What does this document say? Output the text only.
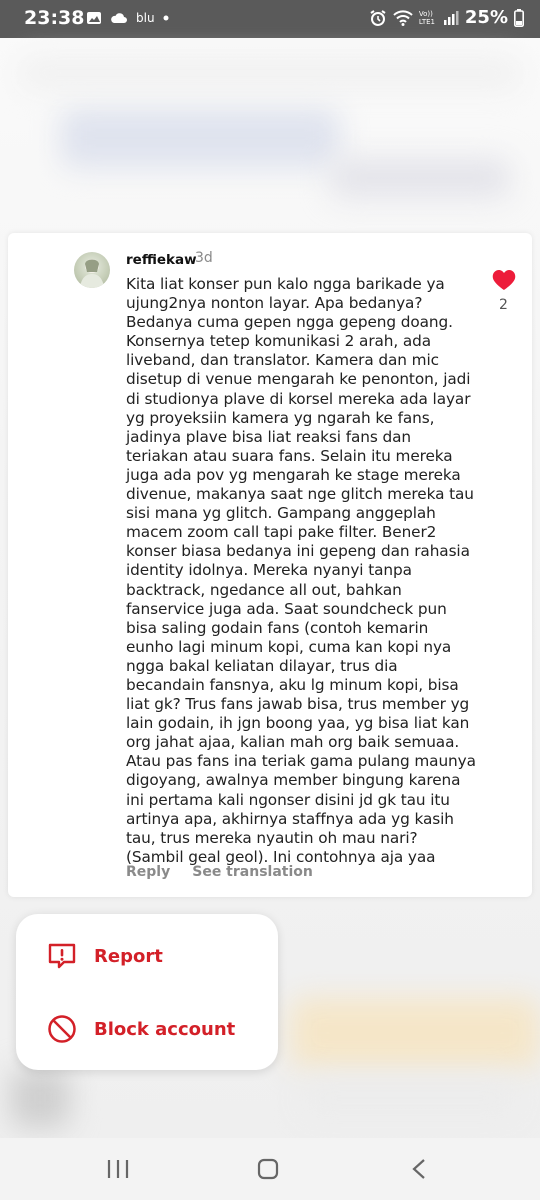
23:38	blu	Vo)) LTE1 25%
reffiekaw
3d
Kita liat konser pun kalo ngga barikade ya
ujung2nya nonton layar. Apa bedanya?
Bedanya cuma gepen ngga gepeng doang.
Konsernya tetep komunikasi 2 arah, ada
liveband, dan translator. Kamera dan mic
disetup di venue mengarah ke penonton, jadi
di studionya plave di korsel mereka ada layar
yg proyeksiin kamera yg ngarah ke fans,
jadinya plave bisa liat reaksi fans dan
teriakan atau suara fans. Selain itu mereka
juga ada pov yg mengarah ke stage mereka
divenue, makanya saat nge glitch mereka tau
sisi mana yg glitch. Gampang anggeplah
macem zoom call tapi pake filter. Bener2
konser biasa bedanya ini gepeng dan rahasia
identity idolnya. Mereka nyanyi tanpa
backtrack, ngedance all out, bahkan
fanservice juga ada. Saat soundcheck pun
bisa saling godain fans (contoh kemarin
eunho lagi minum kopi, cuma kan kopi nya
ngga bakal keliatan dilayar, trus dia
becandain fansnya, aku lg minum kopi, bisa
liat gk? Trus fans jawab bisa, trus member yg
lain godain, ih jgn boong yaa, yg bisa liat kan
org jahat ajaa, kalian mah org baik semuaa.
Atau pas fans ina teriak gama pulang maunya
digoyang, awalnya member bingung karena
ini pertama kali ngonser disini jd gk tau itu
artinya apa, akhirnya staffnya ada yg kasih
tau, trus mereka nyautin oh mau nari?
(Sambil geal geol). Ini contohnya aja yaa
2
Reply See translation
Report
Block account
